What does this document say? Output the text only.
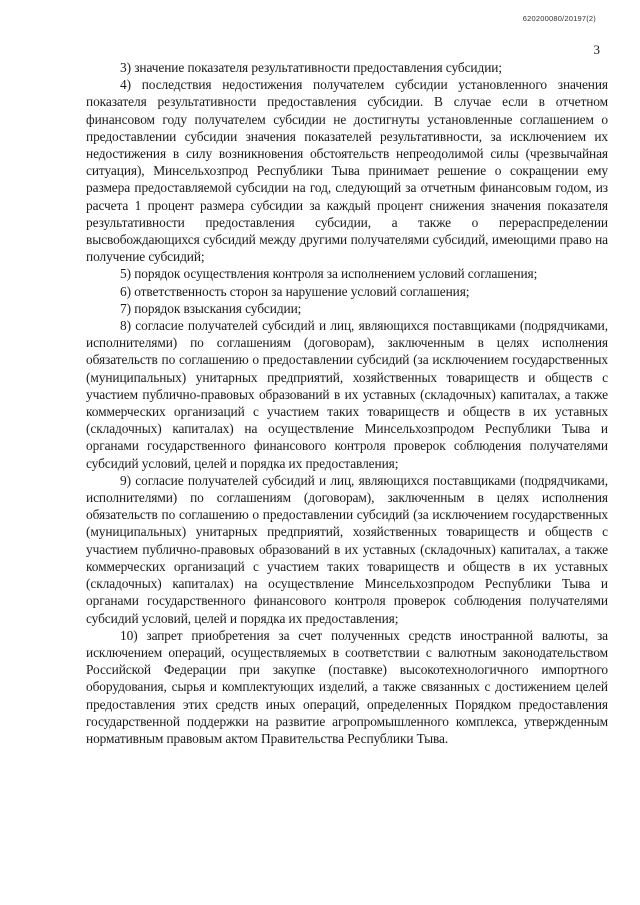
620200080/20197(2)
3

3) значение показателя результативности предоставления субсидии;

4) последствия недостижения получателем субсидии установленного значения показателя результативности предоставления субсидии. В случае если в отчетном финансовом году получателем субсидии не достигнуты установленные соглашением о предоставлении субсидии значения показателей результативности, за исключением их недостижения в силу возникновения обстоятельств непреодолимой силы (чрезвычайная ситуация), Минсельхозпрод Республики Тыва принимает решение о сокращении ему размера предоставляемой субсидии на год, следующий за отчетным финансовым годом, из расчета 1 процент размера субсидии за каждый процент снижения значения показателя результативности предоставления субсидии, а также о перераспределении высвобождающихся субсидий между другими получателями субсидий, имеющими право на получение субсидий;

5) порядок осуществления контроля за исполнением условий соглашения;

6) ответственность сторон за нарушение условий соглашения;

7) порядок взыскания субсидии;

8) согласие получателей субсидий и лиц, являющихся поставщиками (подрядчиками, исполнителями) по соглашениям (договорам), заключенным в целях исполнения обязательств по соглашению о предоставлении субсидий (за исключением государственных (муниципальных) унитарных предприятий, хозяйственных товариществ и обществ с участием публично-правовых образований в их уставных (складочных) капиталах, а также коммерческих организаций с участием таких товариществ и обществ в их уставных (складочных) капиталах) на осуществление Минсельхозпродом Республики Тыва и органами государственного финансового контроля проверок соблюдения получателями субсидий условий, целей и порядка их предоставления;

9) согласие получателей субсидий и лиц, являющихся поставщиками (подрядчиками, исполнителями) по соглашениям (договорам), заключенным в целях исполнения обязательств по соглашению о предоставлении субсидий (за исключением государственных (муниципальных) унитарных предприятий, хозяйственных товариществ и обществ с участием публично-правовых образований в их уставных (складочных) капиталах, а также коммерческих организаций с участием таких товариществ и обществ в их уставных (складочных) капиталах) на осуществление Минсельхозпродом Республики Тыва и органами государственного финансового контроля проверок соблюдения получателями субсидий условий, целей и порядка их предоставления;

10) запрет приобретения за счет полученных средств иностранной валюты, за исключением операций, осуществляемых в соответствии с валютным законодательством Российской Федерации при закупке (поставке) высокотехнологичного импортного оборудования, сырья и комплектующих изделий, а также связанных с достижением целей предоставления этих средств иных операций, определенных Порядком предоставления государственной поддержки на развитие агропромышленного комплекса, утвержденным нормативным правовым актом Правительства Республики Тыва.
